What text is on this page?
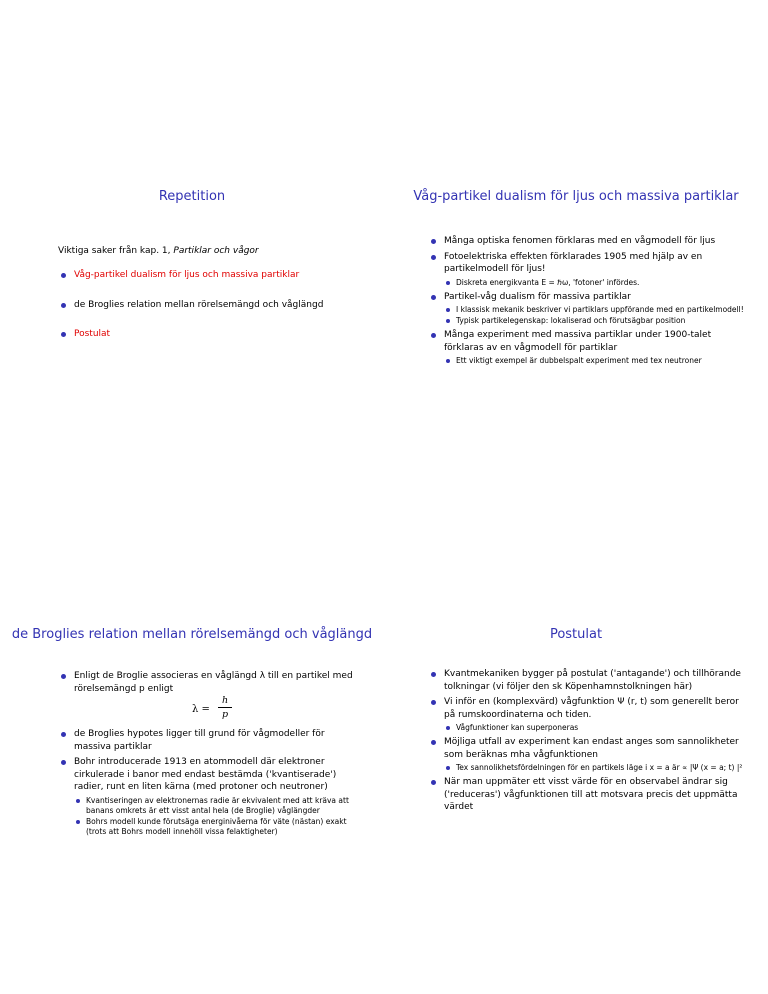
Repetition
Viktiga saker från kap. 1, Partiklar och vågor
Våg-partikel dualism för ljus och massiva partiklar
de Broglies relation mellan rörelsemängd och våglängd
Postulat
Våg-partikel dualism för ljus och massiva partiklar
Många optiska fenomen förklaras med en vågmodell för ljus
Fotoelektriska effekten förklarades 1905 med hjälp av en partikelmodell för ljus!
Diskreta energikvanta E = ℏω, 'fotoner' infördes.
Partikel-våg dualism för massiva partiklar
I klassisk mekanik beskriver vi partiklars uppförande med en partikelmodell!
Typisk partikelegenskap: lokaliserad och förutsägbar position
Många experiment med massiva partiklar under 1900-talet förklaras av en vågmodell för partiklar
Ett viktigt exempel är dubbelspalt experiment med tex neutroner
de Broglies relation mellan rörelsemängd och våglängd
Enligt de Broglie associeras en våglängd λ till en partikel med rörelsemängd p enligt
λ =
h
p
de Broglies hypotes ligger till grund för vågmodeller för massiva partiklar
Bohr introducerade 1913 en atommodell där elektroner cirkulerade i banor med endast bestämda ('kvantiserade') radier, runt en liten kärna (med protoner och neutroner)
Kvantiseringen av elektronernas radie är ekvivalent med att kräva att banans omkrets är ett visst antal hela (de Broglie) våglängder
Bohrs modell kunde förutsäga energinivåerna för väte (nästan) exakt (trots att Bohrs modell innehöll vissa felaktigheter)
Postulat
Kvantmekaniken bygger på postulat ('antagande') och tillhörande tolkningar (vi följer den sk Köpenhamnstolkningen här)
Vi inför en (komplexvärd) vågfunktion Ψ (r, t) som generellt beror på rumskoordinaterna och tiden.
Vågfunktioner kan superponeras
Möjliga utfall av experiment kan endast anges som sannolikheter som beräknas mha vågfunktionen
Tex sannolikhetsfördelningen för en partikels läge i x = a är ∝ |Ψ (x = a; t) |²
När man uppmäter ett visst värde för en observabel ändrar sig ('reduceras') vågfunktionen till att motsvara precis det uppmätta värdet
